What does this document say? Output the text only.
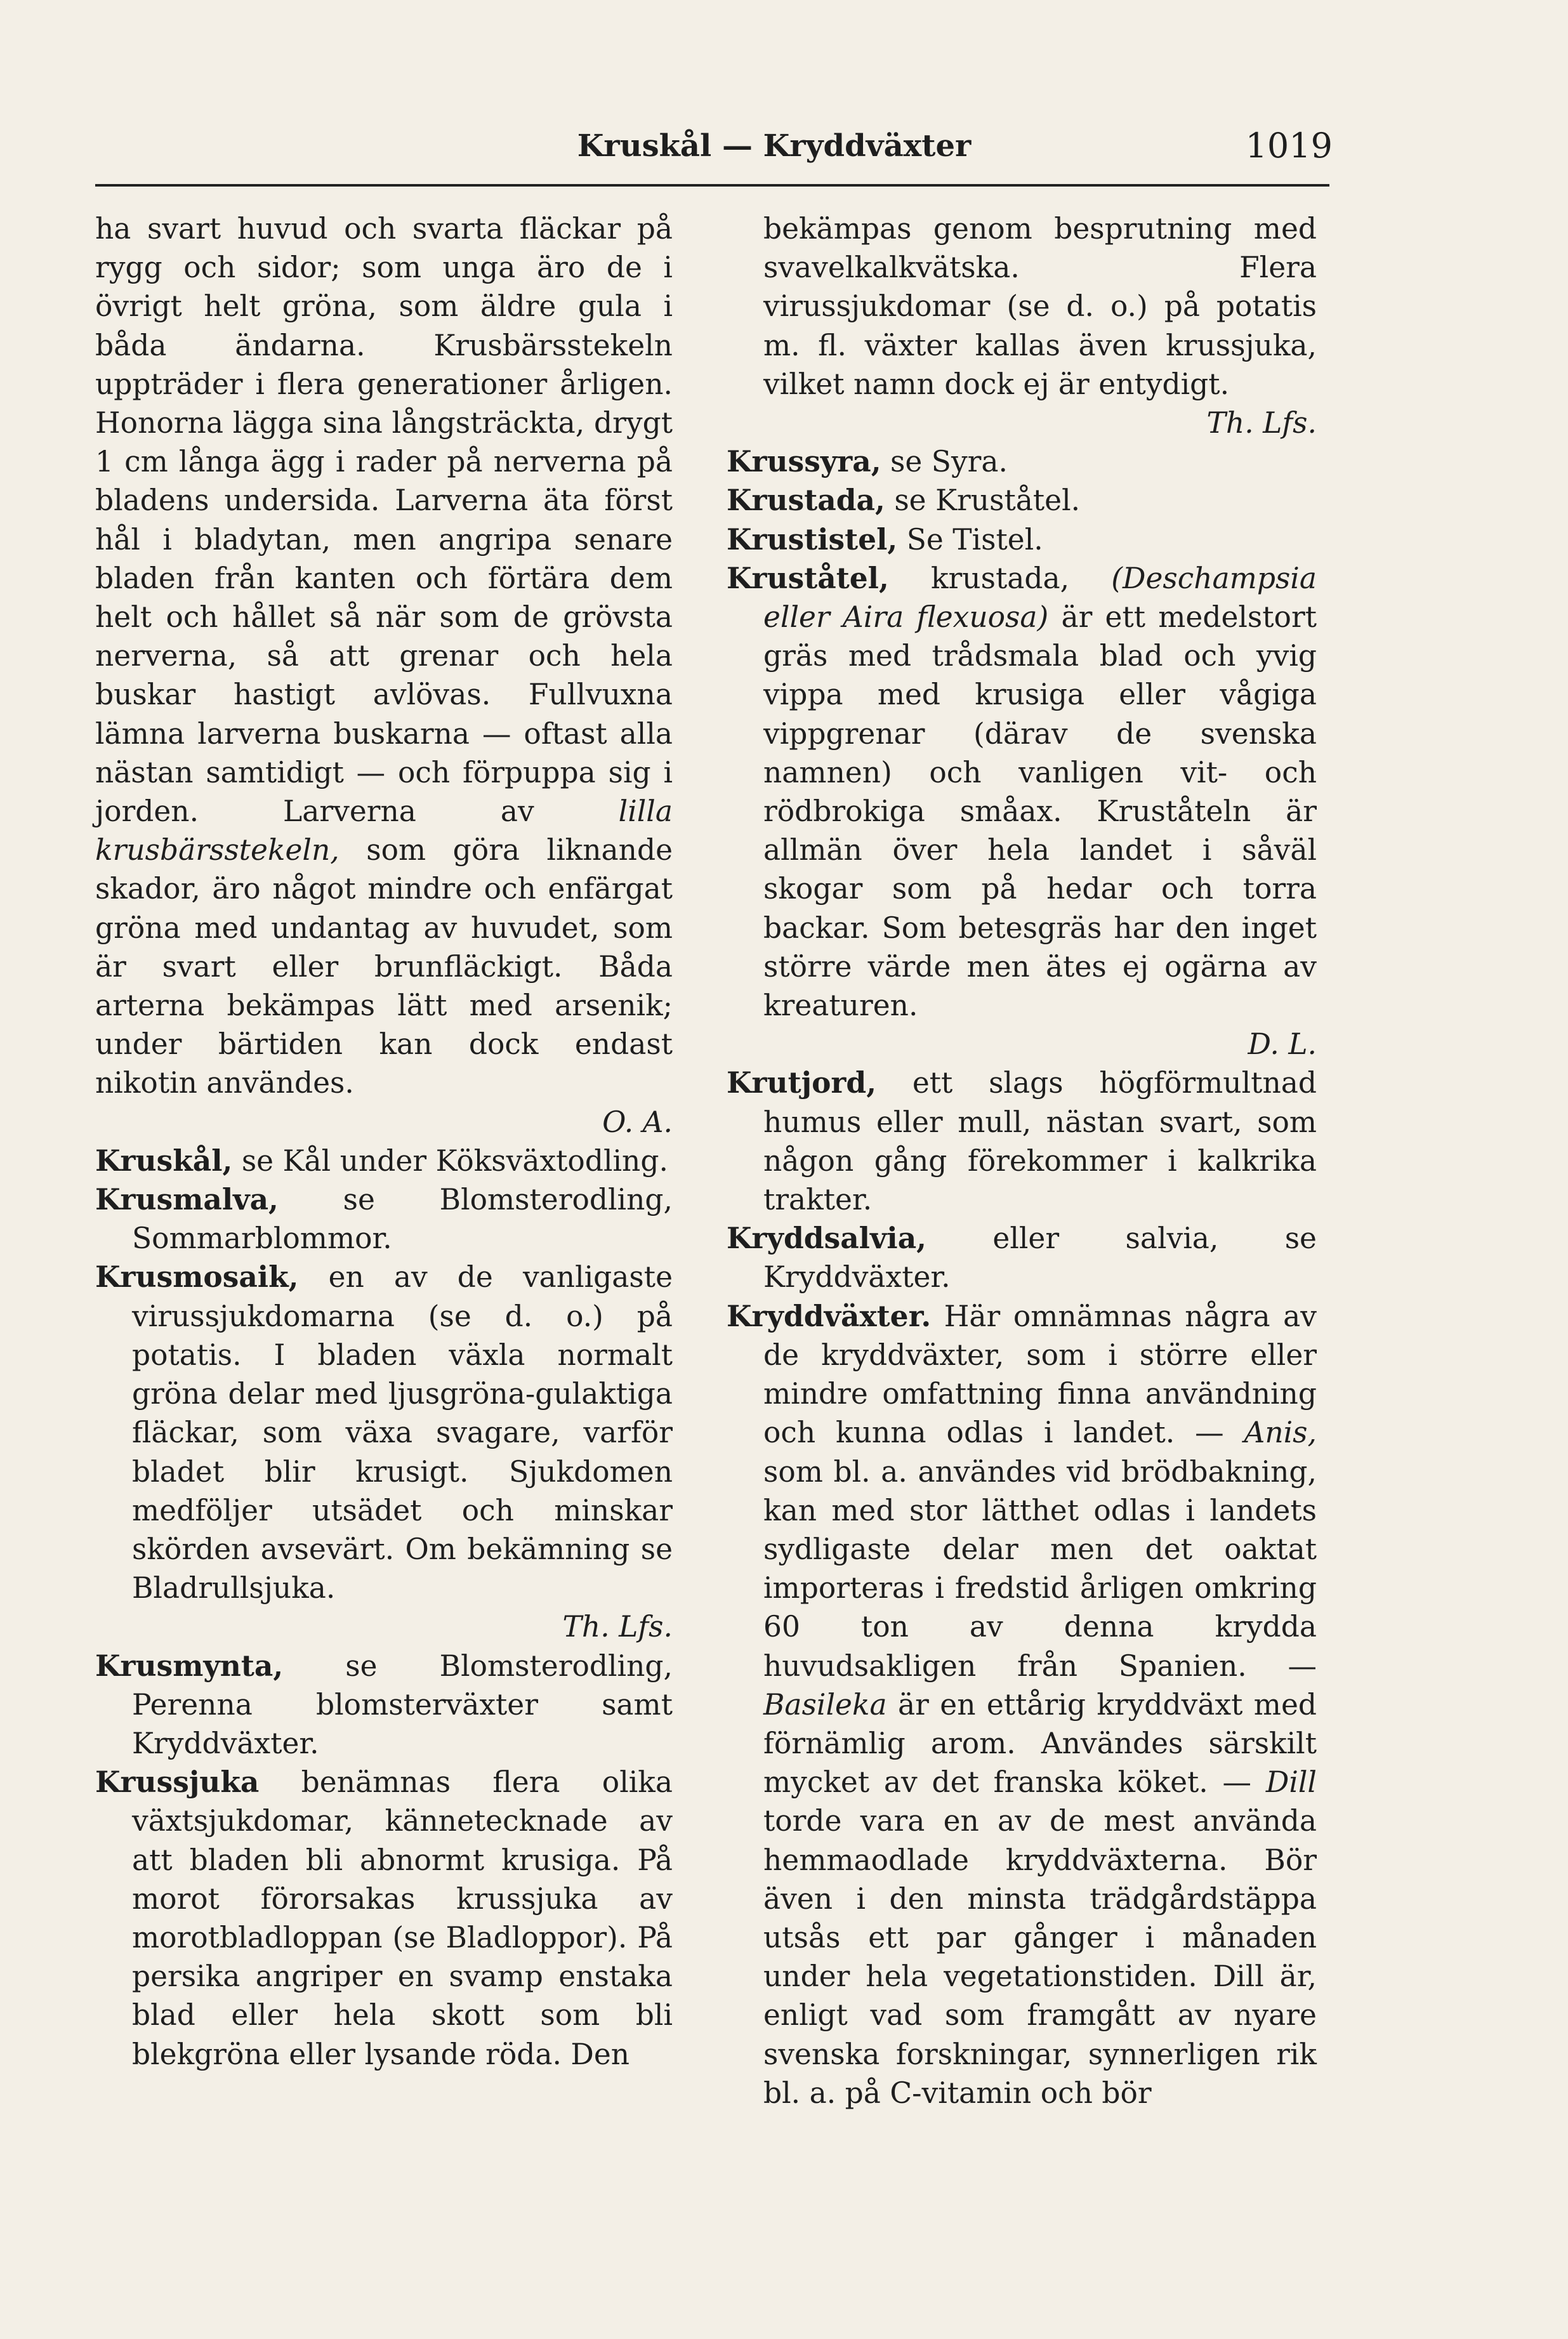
Kruskål — Kryddväxter	1019

ha svart huvud och svarta fläckar på rygg och sidor; som unga äro de i övrigt helt gröna, som äldre gula i båda ändarna. Krusbärsstekeln uppträder i flera generationer årligen. Honorna lägga sina långsträckta, drygt 1 cm långa ägg i rader på nerverna på bladens undersida. Larverna äta först hål i bladytan, men angripa senare bladen från kanten och förtära dem helt och hållet så när som de grövsta nerverna, så att grenar och hela buskar hastigt avlövas. Fullvuxna lämna larverna buskarna — oftast alla nästan samtidigt — och förpuppa sig i jorden. Larverna av	lilla krusbärsstekeln, som göra liknande skador, äro något mindre och enfärgat gröna med undantag av huvudet, som är svart eller brunfläckigt. Båda arterna bekämpas lätt med arsenik; under bärtiden kan dock endast nikotin användes.
O. A.

Kruskål, se Kål under Köksväxtodling.

Krusmalva, se Blomsterodling, Sommarblommor.

Krusmosaik, en av de vanligaste virussjukdomarna (se d. o.) på potatis. I bladen växla normalt gröna delar med ljusgröna-gulaktiga fläckar, som växa svagare, varför bladet blir krusigt. Sjukdomen medföljer utsädet och minskar skörden avsevärt. Om bekämning se Bladrullsjuka.
Th. Lfs.

Krusmynta, se Blomsterodling, Perenna blomsterväxter samt Kryddväxter.

Krussjuka benämnas flera olika växtsjukdomar, kännetecknade av att bladen bli abnormt krusiga. På morot förorsakas krussjuka av morotbladloppan (se Bladloppor). På persika angriper en svamp enstaka blad eller hela skott som bli blekgröna eller lysande röda. Den

bekämpas genom besprutning med svavelkalkvätska. Flera virussjukdomar (se d. o.) på potatis m. fl. växter kallas även krussjuka, vilket namn dock ej är entydigt.
Th. Lfs.

Krussyra, se Syra.

Krustada, se Kruståtel.

Krustistel, Se Tistel.

Kruståtel, krustada, (Deschampsia eller Aira flexuosa) är ett medelstort gräs med trådsmala blad och yvig vippa med krusiga eller vågiga vippgrenar (därav de svenska namnen) och vanligen vit- och rödbrokiga småax. Kruståteln är allmän över hela landet i såväl skogar som på hedar och torra backar. Som betesgräs har den inget större värde men ätes ej ogärna av kreaturen.
D. L.

Krutjord, ett slags högförmultnad humus eller mull, nästan svart, som någon gång förekommer i kalkrika trakter.

Kryddsalvia, eller salvia, se Kryddväxter.

Kryddväxter. Här omnämnas några av de kryddväxter, som i större eller mindre omfattning finna användning och kunna odlas i landet. — Anis, som bl. a. användes vid brödbakning, kan med stor lätthet odlas i landets sydligaste delar men det oaktat importeras i fredstid årligen omkring 60 ton av denna krydda huvudsakligen från Spanien. — Basileka är en ettårig kryddväxt med förnämlig arom. Användes särskilt mycket av det franska köket. — Dill torde vara en av de mest använda hemmaodlade kryddväxterna. Bör även i den minsta trädgårdstäppa utsås ett par gånger i månaden under hela vegetationstiden. Dill är, enligt vad som framgått av nyare svenska forskningar, synnerligen rik bl. a. på C-vitamin och bör
